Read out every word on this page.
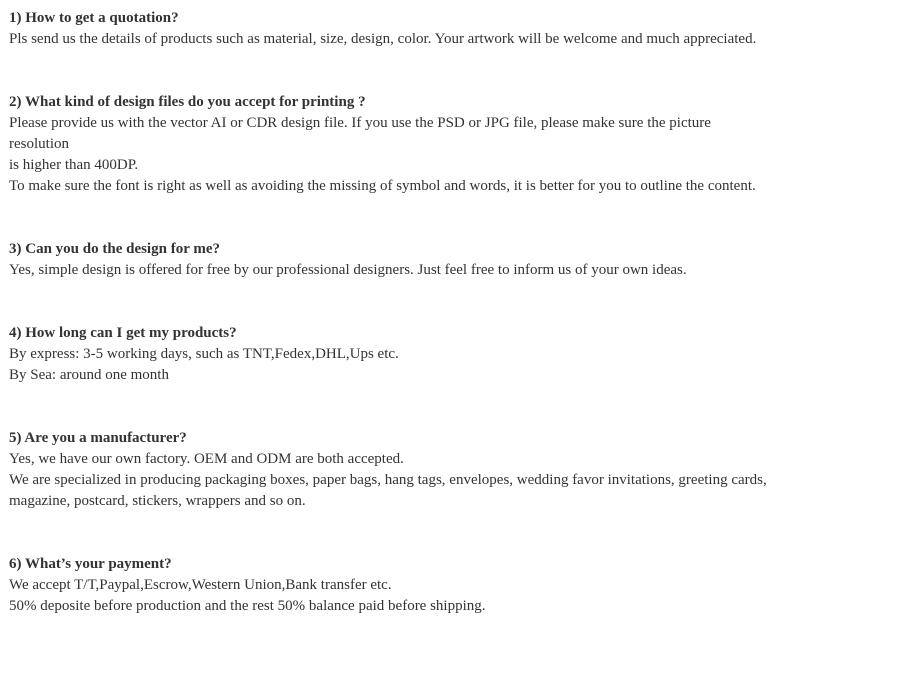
1) How to get a quotation?

Pls send us the details of products such as material, size, design, color. Your artwork will be welcome and much appreciated.

2) What kind of design files do you accept for printing ?

Please provide us with the vector AI or CDR design file. If you use the PSD or JPG file, please make sure the picture resolution

is higher than 400DP.

To make sure the font is right as well as avoiding the missing of symbol and words, it is better for you to outline the content.

3) Can you do the design for me?

Yes, simple design is offered for free by our professional designers. Just feel free to inform us of your own ideas.

4) How long can I get my products?

By express: 3-5 working days, such as TNT,Fedex,DHL,Ups etc.

By Sea: around one month

5) Are you a manufacturer?

Yes, we have our own factory. OEM and ODM are both accepted.

We are specialized in producing packaging boxes, paper bags, hang tags, envelopes, wedding favor invitations, greeting cards,

magazine, postcard, stickers, wrappers and so on.

6) What’s your payment?

We accept T/T,Paypal,Escrow,Western Union,Bank transfer etc.

50% deposite before production and the rest 50% balance paid before shipping.
